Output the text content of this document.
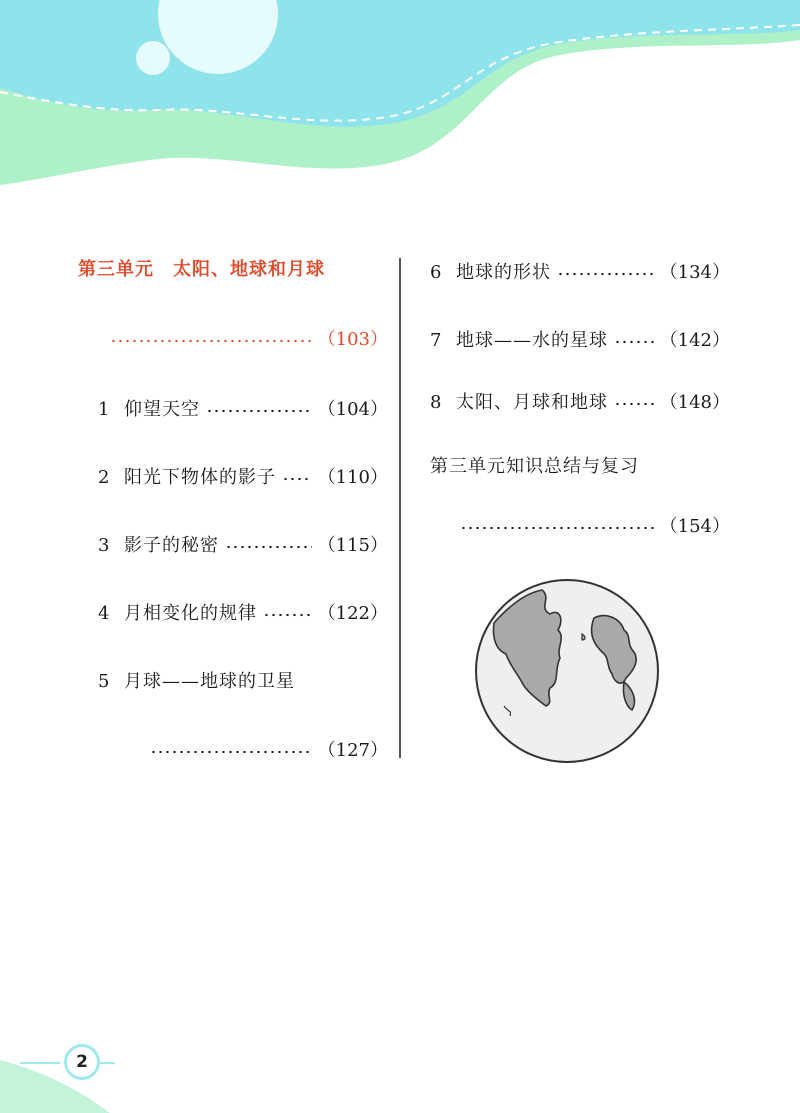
第三单元　太阳、地球和月球
（103）
1 仰望天空	（104）
2 阳光下物体的影子 （110）
3 影子的秘密	（115）
4 月相变化的规律	（122）
5 月球——地球的卫星
（127）
6 地球的形状	（134）
7 地球——水的星球	（142）
8 太阳、月球和地球	（148）
第三单元知识总结与复习
（154）
2
